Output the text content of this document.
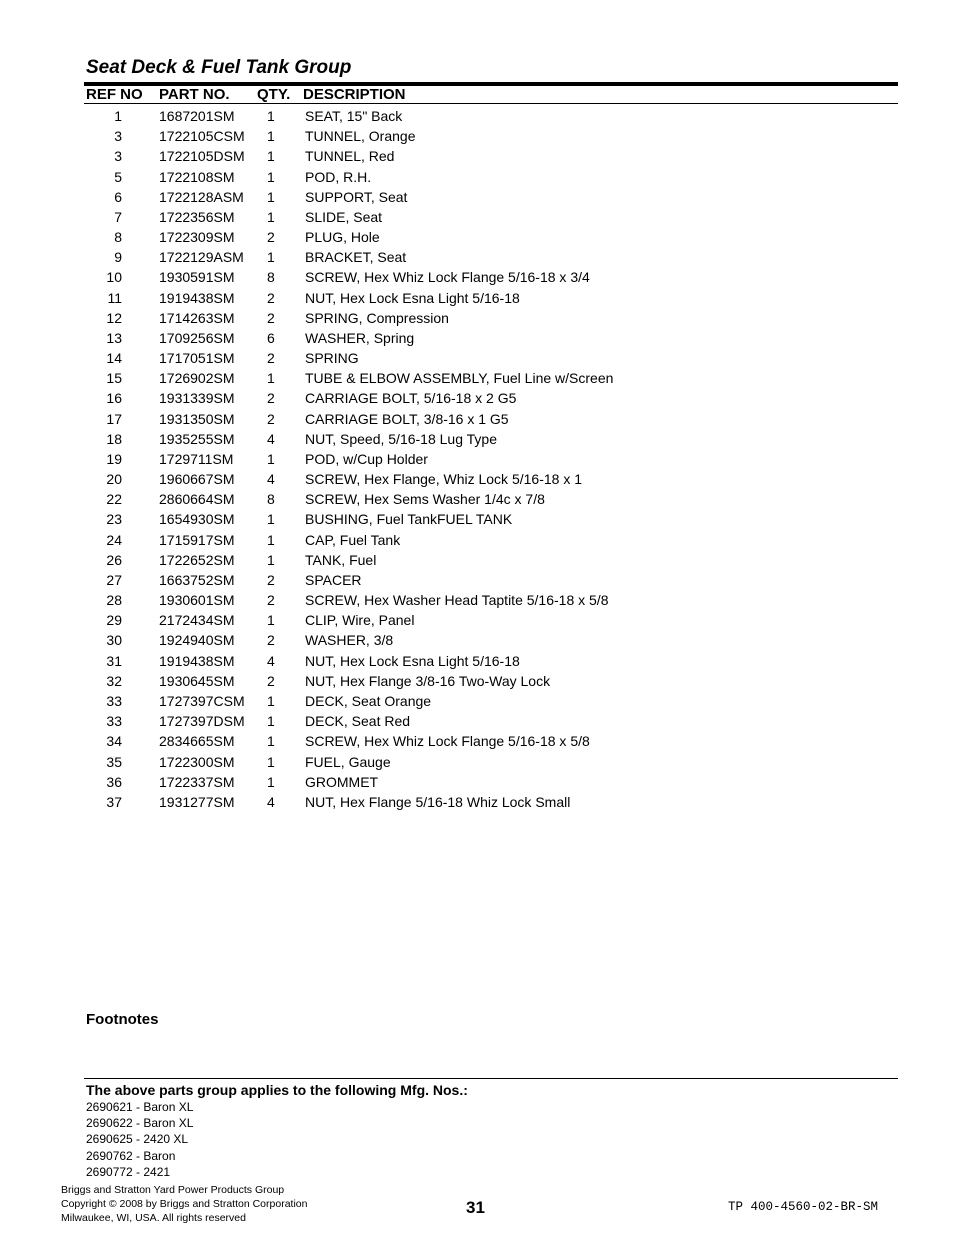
Seat Deck & Fuel Tank Group
REF NO PART NO. QTY. DESCRIPTION
1	1687201SM 1 SEAT, 15" Back
3	1722105CSM 1 TUNNEL, Orange
3	1722105DSM 1 TUNNEL, Red
5	1722108SM 1 POD, R.H.
6	1722128ASM 1 SUPPORT, Seat
7	1722356SM 1 SLIDE, Seat
8	1722309SM 2 PLUG, Hole
9	1722129ASM 1 BRACKET, Seat
10	1930591SM 8 SCREW, Hex Whiz Lock Flange 5/16-18 x 3/4
11	1919438SM 2 NUT, Hex Lock Esna Light 5/16-18
12	1714263SM 2 SPRING, Compression
13	1709256SM 6 WASHER, Spring
14	1717051SM 2 SPRING
15	1726902SM 1 TUBE & ELBOW ASSEMBLY, Fuel Line w/Screen
16	1931339SM 2 CARRIAGE BOLT, 5/16-18 x 2 G5
17	1931350SM 2 CARRIAGE BOLT, 3/8-16 x 1 G5
18	1935255SM 4 NUT, Speed, 5/16-18 Lug Type
19	1729711SM 1 POD, w/Cup Holder
20	1960667SM 4 SCREW, Hex Flange, Whiz Lock 5/16-18 x 1
22	2860664SM 8 SCREW, Hex Sems Washer 1/4c x 7/8
23	1654930SM 1 BUSHING, Fuel TankFUEL TANK
24	1715917SM 1 CAP, Fuel Tank
26	1722652SM 1 TANK, Fuel
27	1663752SM 2 SPACER
28	1930601SM 2 SCREW, Hex Washer Head Taptite 5/16-18 x 5/8
29	2172434SM 1 CLIP, Wire, Panel
30	1924940SM 2 WASHER, 3/8
31	1919438SM 4 NUT, Hex Lock Esna Light 5/16-18
32	1930645SM 2 NUT, Hex Flange 3/8-16 Two-Way Lock
33	1727397CSM 1 DECK, Seat Orange
33	1727397DSM 1 DECK, Seat Red
34	2834665SM 1 SCREW, Hex Whiz Lock Flange 5/16-18 x 5/8
35	1722300SM 1 FUEL, Gauge
36	1722337SM 1 GROMMET
37	1931277SM 4 NUT, Hex Flange 5/16-18 Whiz Lock Small
Footnotes
The above parts group applies to the following Mfg. Nos.:
2690621 - Baron XL
2690622 - Baron XL
2690625 - 2420 XL
2690762 - Baron
2690772 - 2421
Briggs and Stratton Yard Power Products Group
Copyright © 2008 by Briggs and Stratton Corporation
Milwaukee, WI, USA. All rights reserved
31	TP 400-4560-02-BR-SM
